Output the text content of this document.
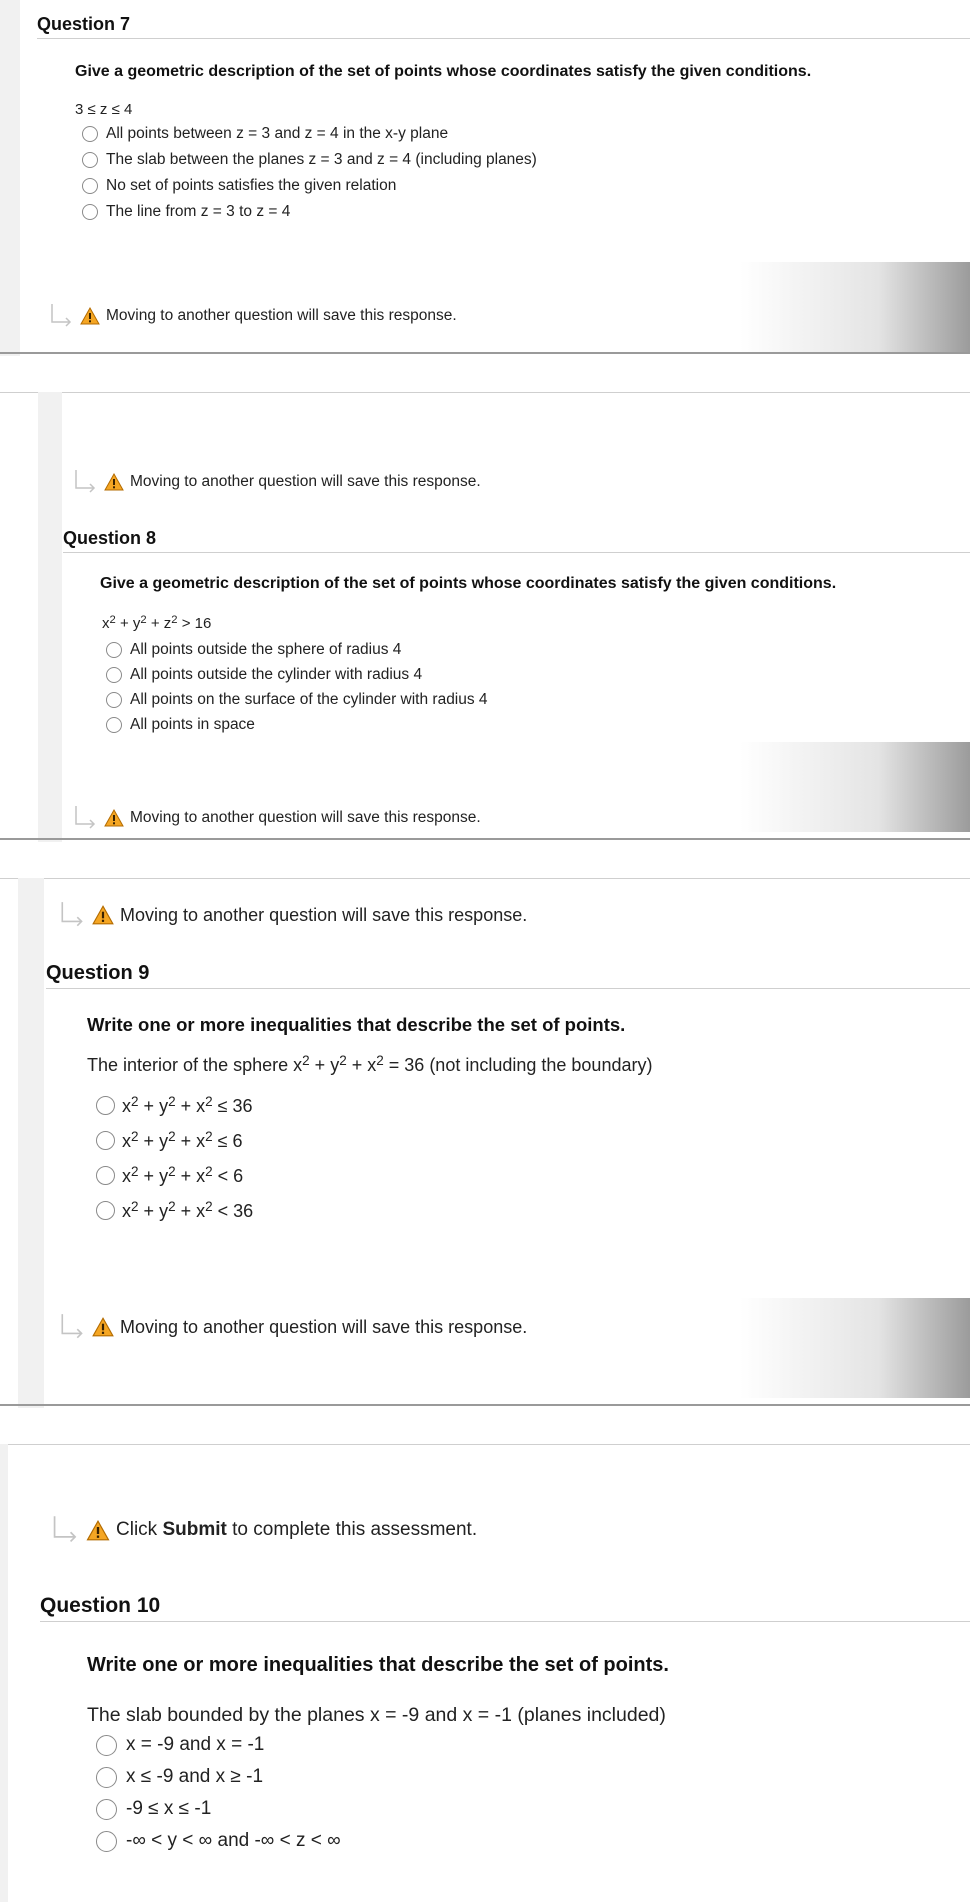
Question 7
Give a geometric description of the set of points whose coordinates satisfy the given conditions.
3 ≤ z ≤ 4
All points between z = 3 and z = 4 in the x-y plane
The slab between the planes z = 3 and z = 4 (including planes)
No set of points satisfies the given relation
The line from z = 3 to z = 4
Moving to another question will save this response.
Moving to another question will save this response.
Question 8
Give a geometric description of the set of points whose coordinates satisfy the given conditions.
$x^2 + y^2 + z^2 > 16$
All points outside the sphere of radius 4
All points outside the cylinder with radius 4
All points on the surface of the cylinder with radius 4
All points in space
Moving to another question will save this response.
Moving to another question will save this response.
Question 9
Write one or more inequalities that describe the set of points.
The interior of the sphere $x^2 + y^2 + x^2 = 36$ (not including the boundary)
$x^2 + y^2 + x^2 \le 36$
$x^2 + y^2 + x^2 \le 6$
$x^2 + y^2 + x^2 < 6$
$x^2 + y^2 + x^2 < 36$
Moving to another question will save this response.
Click Submit to complete this assessment.
Question 10
Write one or more inequalities that describe the set of points.
The slab bounded by the planes x = -9 and x = -1 (planes included)
x = -9 and x = -1
x ≤ -9 and x ≥ -1
-9 ≤ x ≤ -1
-∞ < y < ∞ and -∞ < z < ∞
